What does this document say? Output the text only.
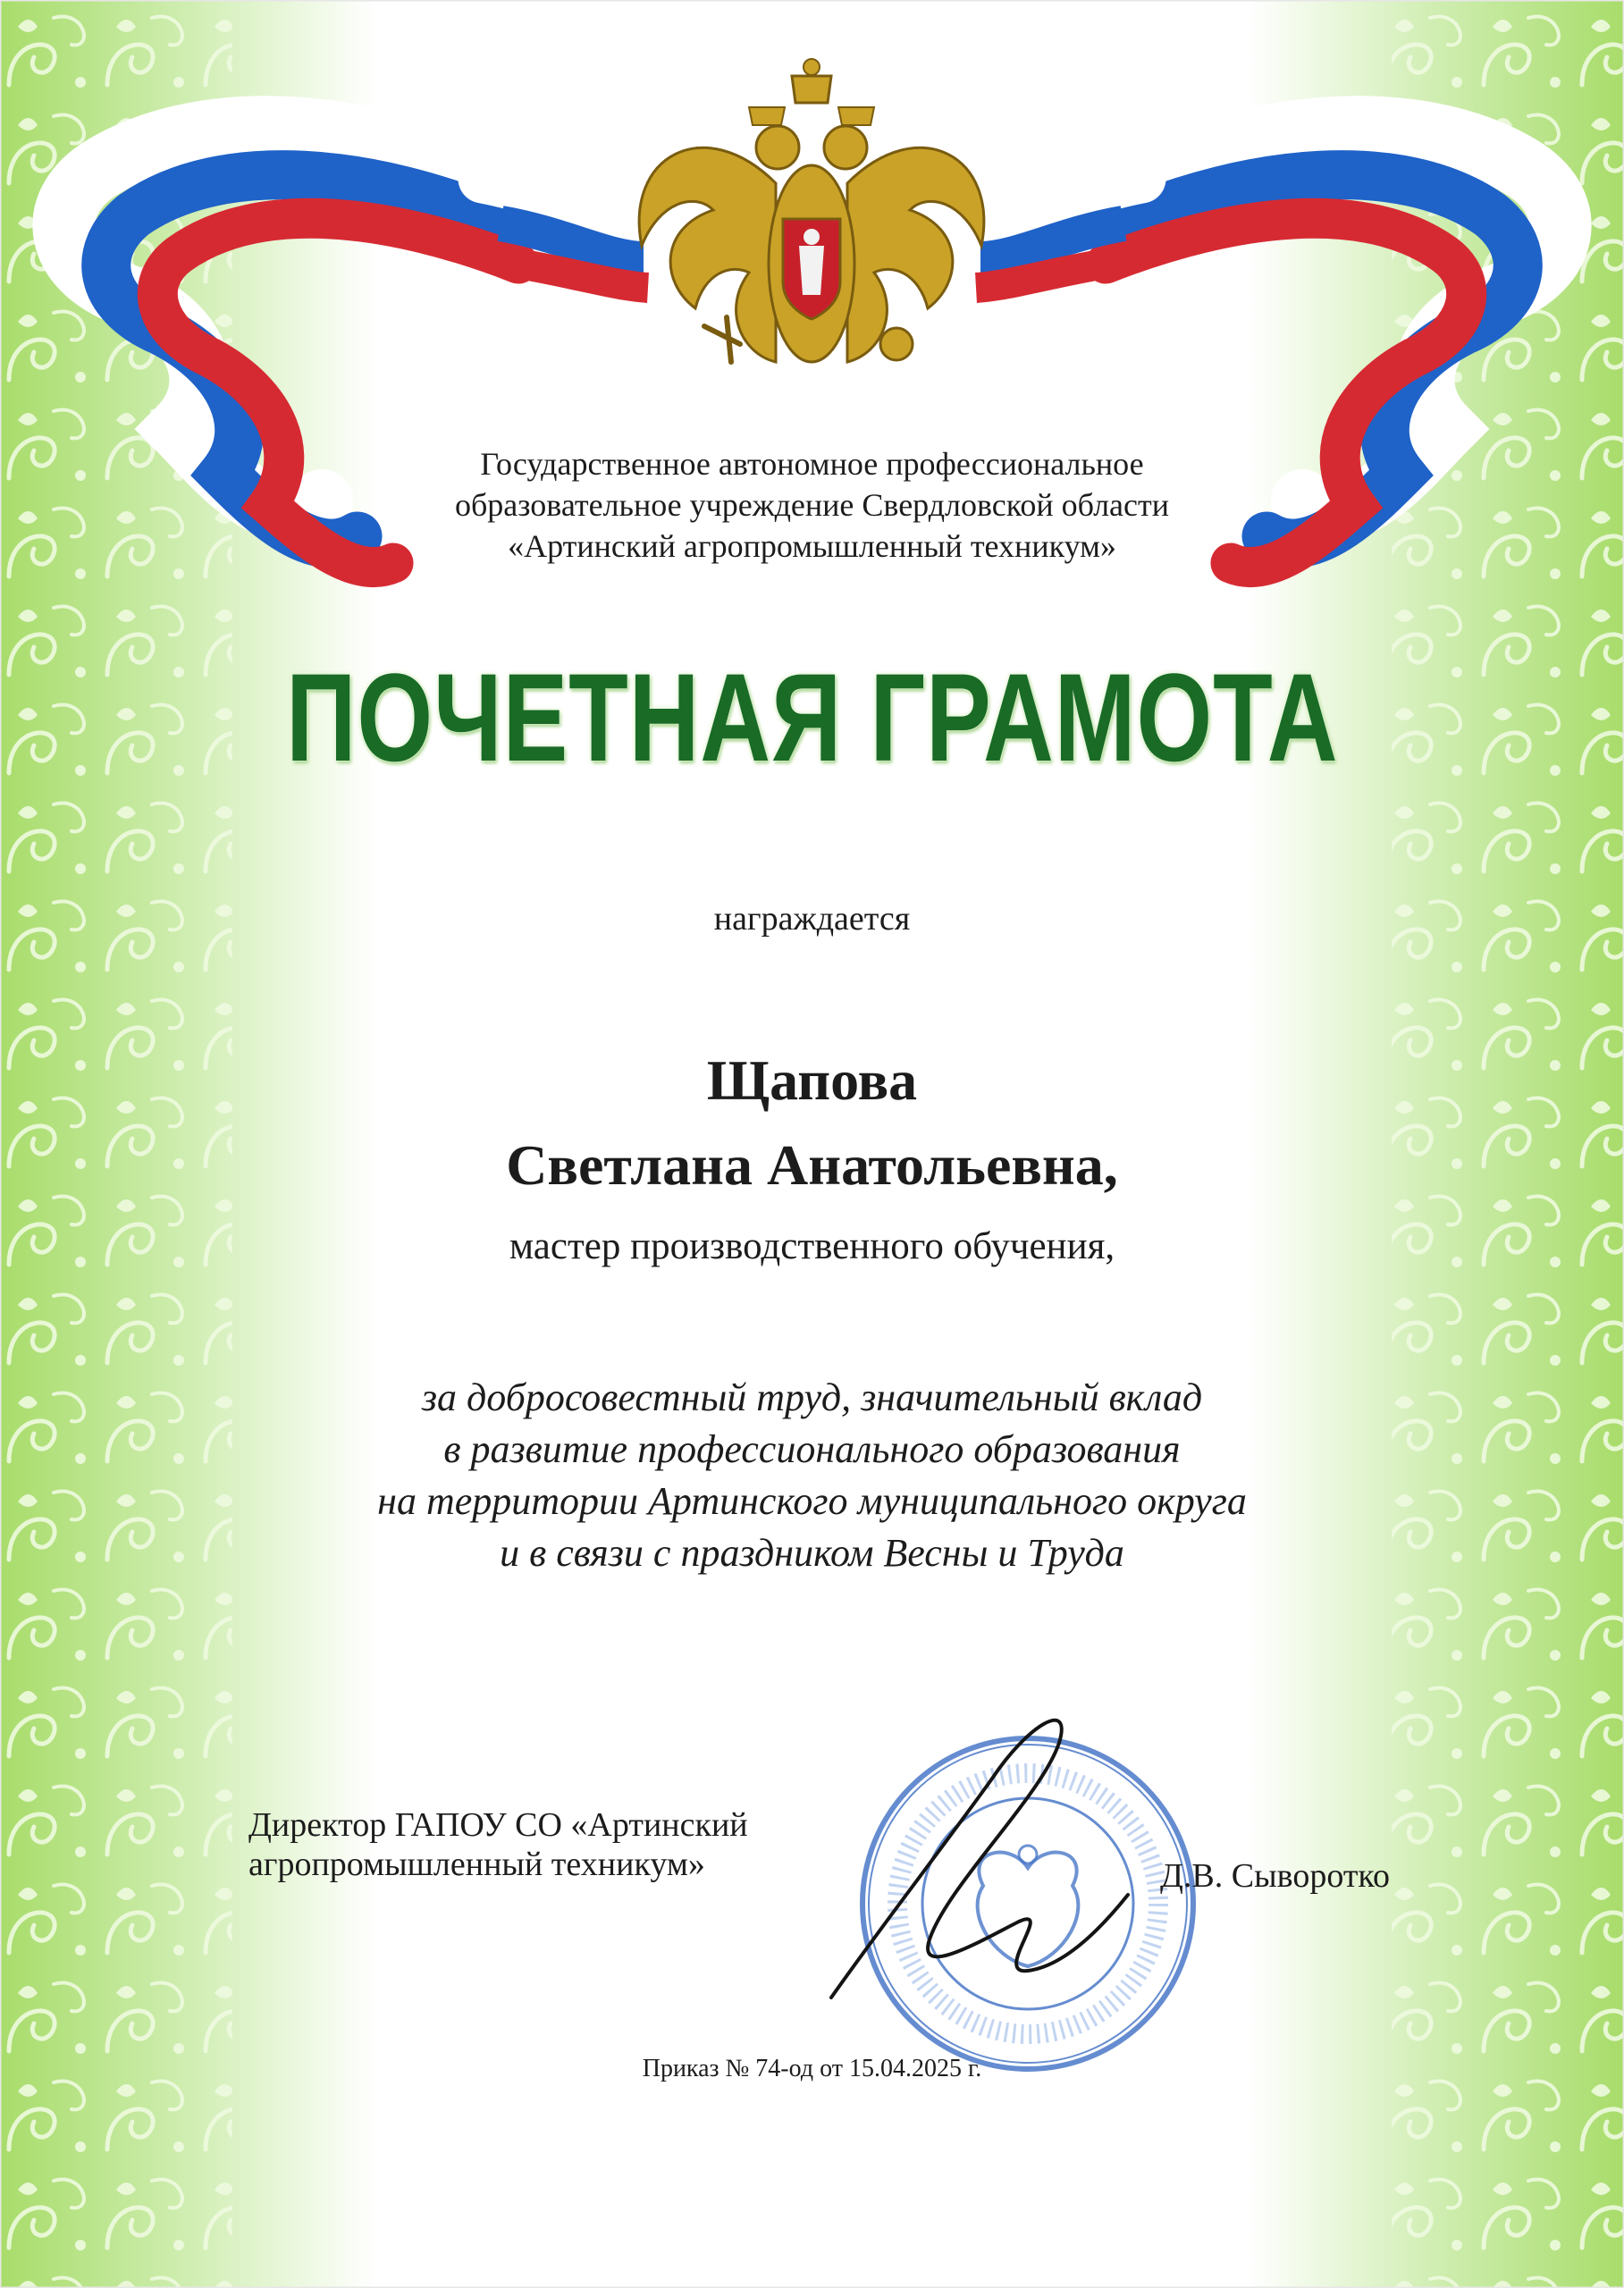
Государственное автономное профессиональное
образовательное учреждение Свердловской области
«Артинский агропромышленный техникум»

ПОЧЕТНАЯ ГРАМОТА

награждается

Щапова

Светлана Анатольевна,

мастер производственного обучения,

за добросовестный труд, значительный вклад
в развитие профессионального образования
на территории Артинского муниципального округа
и в связи с праздником Весны и Труда

Директор ГАПОУ СО «Артинский
агропромышленный техникум»	Д.В. Сыворотко

Приказ № 74-од от 15.04.2025 г.
